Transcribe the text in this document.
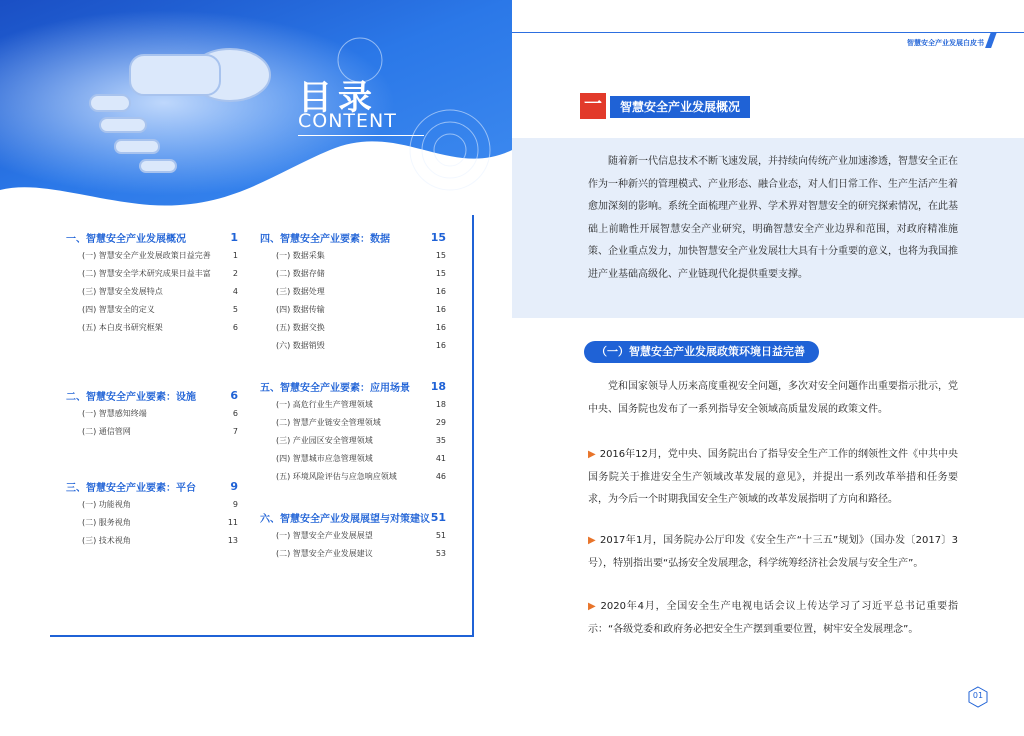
目录
CONTENT
一、智慧安全产业发展概况	1
(一) 智慧安全产业发展政策日益完善	1
(二) 智慧安全学术研究成果日益丰富	2
(三) 智慧安全发展特点	4
(四) 智慧安全的定义	5
(五) 本白皮书研究框架	6
二、智慧安全产业要素：设施	6
(一) 智慧感知终端	6
(二) 通信管网	7
三、智慧安全产业要素：平台	9
(一) 功能视角	9
(二) 服务视角	11
(三) 技术视角	13
四、智慧安全产业要素：数据	15
(一) 数据采集	15
(二) 数据存储	15
(三) 数据处理	16
(四) 数据传输	16
(五) 数据交换	16
(六) 数据销毁	16
五、智慧安全产业要素：应用场景 18
(一) 高危行业生产管理领域	18
(二) 智慧产业链安全管理领域	29
(三) 产业园区安全管理领域	35
(四) 智慧城市应急管理领域	41
(五) 环境风险评估与应急响应领域	46
六、智慧安全产业发展展望与对策建议 51
(一) 智慧安全产业发展展望	51
(二) 智慧安全产业发展建议	53
智慧安全产业发展白皮书
一	智慧安全产业发展概况
随着新一代信息技术不断飞速发展，并持续向传统产业加速渗透，智慧安全正在作为一种新兴的管理模式、产业形态、融合业态，对人们日常工作、生产生活产生着愈加深刻的影响。系统全面梳理产业界、学术界对智慧安全的研究探索情况，在此基础上前瞻性开展智慧安全产业研究，明确智慧安全产业边界和范围，对政府精准施策、企业重点发力，加快智慧安全产业发展壮大具有十分重要的意义，也将为我国推进产业基础高级化、产业链现代化提供重要支撑。
（一）智慧安全产业发展政策环境日益完善
党和国家领导人历来高度重视安全问题，多次对安全问题作出重要指示批示，党中央、国务院也发布了一系列指导安全领域高质量发展的政策文件。
▶ 2016年12月，党中央、国务院出台了指导安全生产工作的纲领性文件《中共中央国务院关于推进安全生产领域改革发展的意见》，并提出一系列改革举措和任务要求，为今后一个时期我国安全生产领域的改革发展指明了方向和路径。
▶ 2017年1月，国务院办公厅印发《安全生产“十三五”规划》（国办发〔2017〕3号），特别指出要“弘扬安全发展理念，科学统筹经济社会发展与安全生产”。
▶ 2020年4月，全国安全生产电视电话会议上传达学习了习近平总书记重要指示：“各级党委和政府务必把安全生产摆到重要位置，树牢安全发展理念”。
01
